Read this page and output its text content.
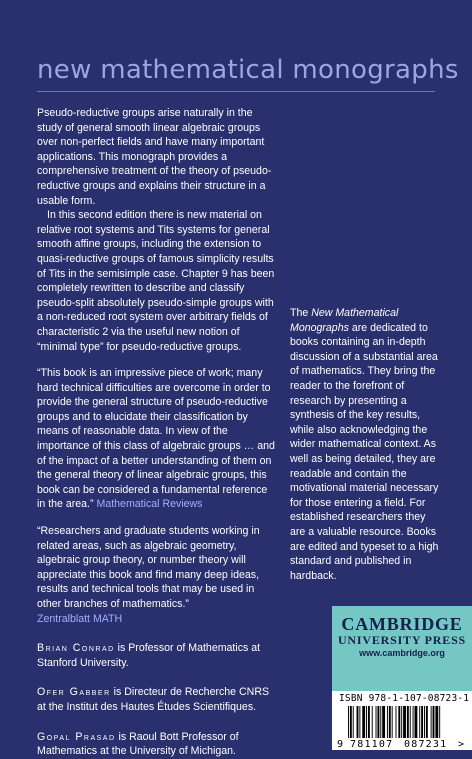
new mathematical monographs

Pseudo-reductive groups arise naturally in the study of general smooth linear algebraic groups over non-perfect fields and have many important applications. This monograph provides a comprehensive treatment of the theory of pseudo-reductive groups and explains their structure in a usable form.

In this second edition there is new material on relative root systems and Tits systems for general smooth affine groups, including the extension to quasi-reductive groups of famous simplicity results of Tits in the semisimple case. Chapter 9 has been completely rewritten to describe and classify pseudo-split absolutely pseudo-simple groups with a non-reduced root system over arbitrary fields of characteristic 2 via the useful new notion of “minimal type” for pseudo-reductive groups.

“This book is an impressive piece of work; many hard technical difficulties are overcome in order to provide the general structure of pseudo-reductive groups and to elucidate their classification by means of reasonable data. In view of the importance of this class of algebraic groups … and of the impact of a better understanding of them on the general theory of linear algebraic groups, this book can be considered a fundamental reference in the area.” Mathematical Reviews

“Researchers and graduate students working in related areas, such as algebraic geometry, algebraic group theory, or number theory will appreciate this book and find many deep ideas, results and technical tools that may be used in other branches of mathematics.”
Zentralblatt MATH

Brian Conrad is Professor of Mathematics at Stanford University.

Ofer Gabber is Directeur de Recherche CNRS at the Institut des Hautes Études Scientifiques.

Gopal Prasad is Raoul Bott Professor of Mathematics at the University of Michigan.

The New Mathematical Monographs are dedicated to books containing an in-depth discussion of a substantial area of mathematics. They bring the reader to the forefront of research by presenting a synthesis of the key results, while also acknowledging the wider mathematical context. As well as being detailed, they are readable and contain the motivational material necessary for those entering a field. For established researchers they are a valuable resource. Books are edited and typeset to a high standard and published in hardback.
CAMBRIDGE
UNIVERSITY PRESS
www.cambridge.org
ISBN 978-1-107-08723-1
9 781107 087231 >
